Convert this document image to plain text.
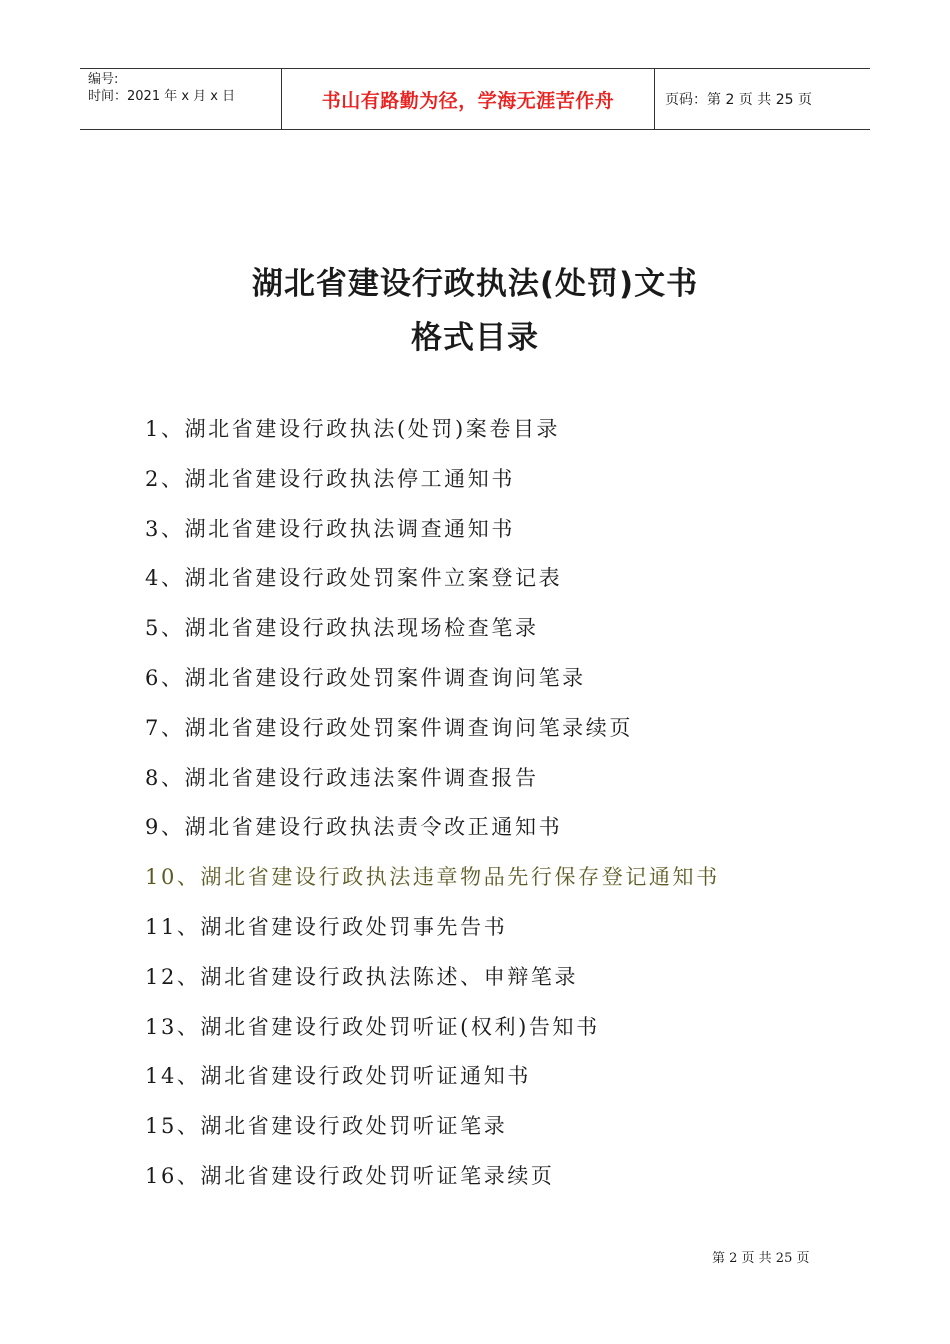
编号:
时间：2021 年 x 月 x 日	书山有路勤为径，学海无涯苦作舟	页码：第 2 页 共 25 页
湖北省建设行政执法(处罚)文书
格式目录
1、湖北省建设行政执法(处罚)案卷目录
2、湖北省建设行政执法停工通知书
3、湖北省建设行政执法调查通知书
4、湖北省建设行政处罚案件立案登记表
5、湖北省建设行政执法现场检查笔录
6、湖北省建设行政处罚案件调查询问笔录
7、湖北省建设行政处罚案件调查询问笔录续页
8、湖北省建设行政违法案件调查报告
9、湖北省建设行政执法责令改正通知书
10、湖北省建设行政执法违章物品先行保存登记通知书
11、湖北省建设行政处罚事先告书
12、湖北省建设行政执法陈述、申辩笔录
13、湖北省建设行政处罚听证(权利)告知书
14、湖北省建设行政处罚听证通知书
15、湖北省建设行政处罚听证笔录
16、湖北省建设行政处罚听证笔录续页
第 2 页 共 25 页
